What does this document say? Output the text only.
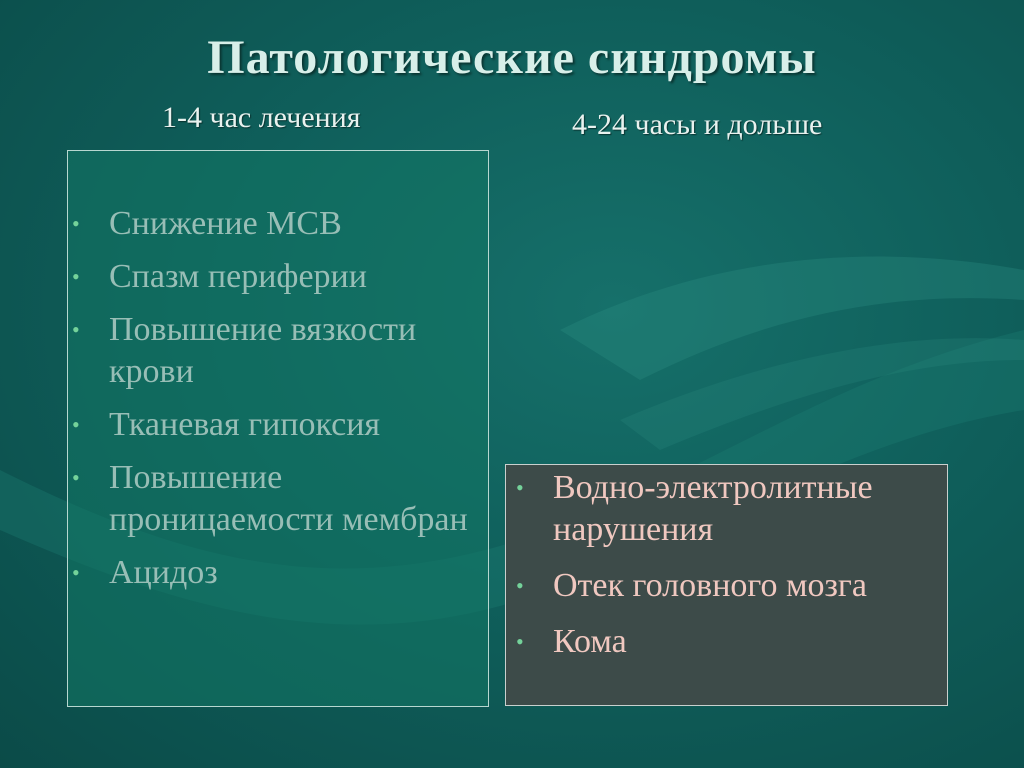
Патологические синдромы
1-4 час лечения	4-24 часы и дольше
• Снижение МСВ
• Спазм периферии
• Повышение вязкости крови
• Тканевая гипоксия
• Повышение проницаемости мембран
• Ацидоз
• Водно-электролитные нарушения
• Отек головного мозга
• Кома
